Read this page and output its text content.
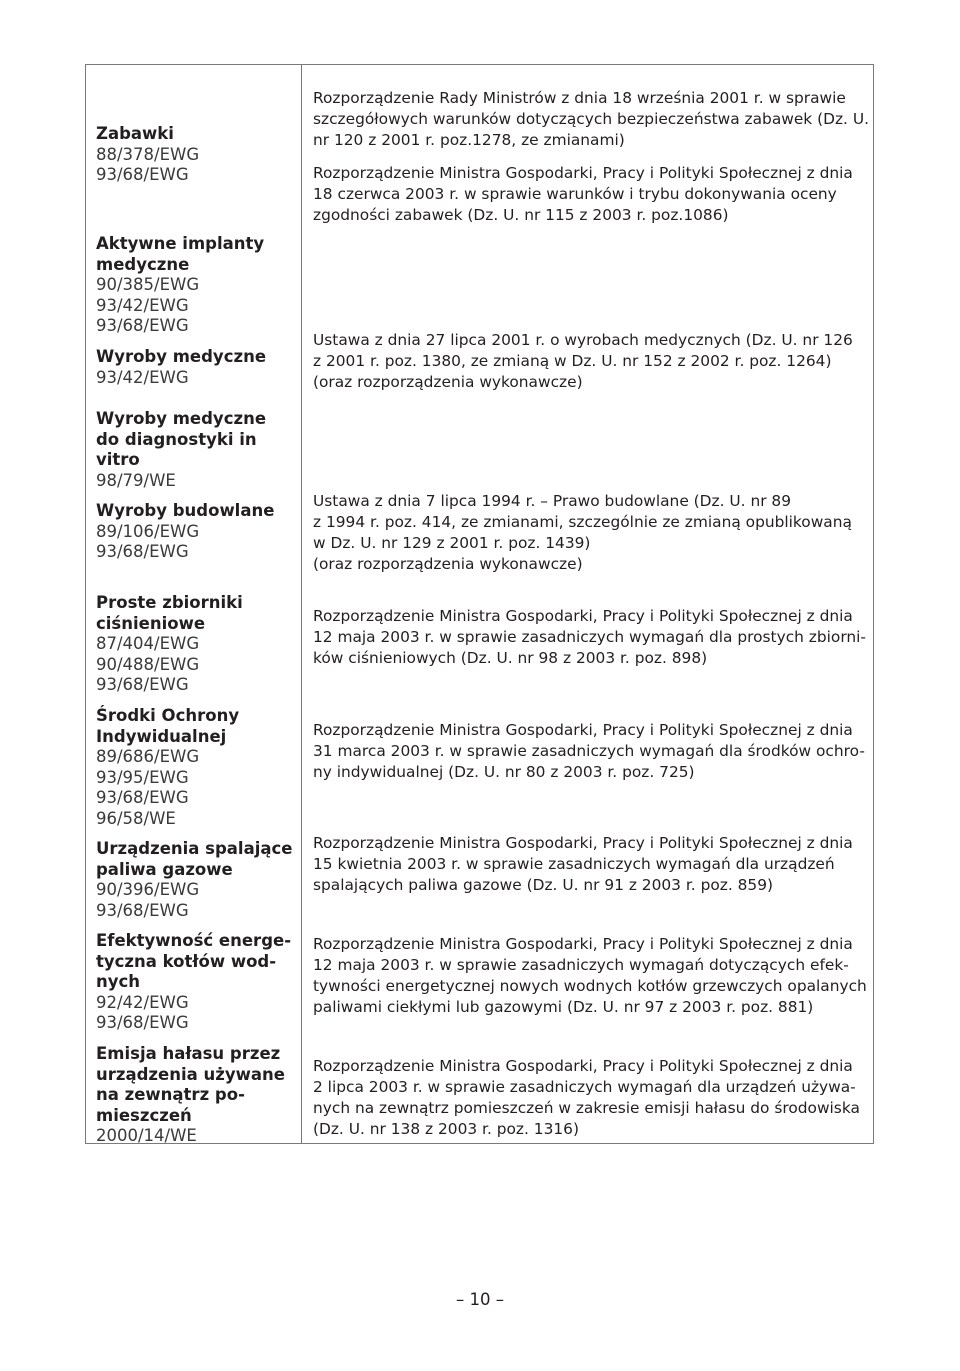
Zabawki
88/378/EWG
93/68/EWG
Aktywne implanty
medyczne
90/385/EWG
93/42/EWG
93/68/EWG
Wyroby medyczne
93/42/EWG
Wyroby medyczne
do diagnostyki in
vitro
98/79/WE
Wyroby budowlane
89/106/EWG
93/68/EWG
Proste zbiorniki
ciśnieniowe
87/404/EWG
90/488/EWG
93/68/EWG
Środki Ochrony
Indywidualnej
89/686/EWG
93/95/EWG
93/68/EWG
96/58/WE
Urządzenia spalające
paliwa gazowe
90/396/EWG
93/68/EWG
Efektywność energe-
tyczna kotłów wod-
nych
92/42/EWG
93/68/EWG
Emisja hałasu przez
urządzenia używane
na zewnątrz po-
mieszczeń
2000/14/WE
Rozporządzenie Rady Ministrów z dnia 18 września 2001 r. w sprawie
szczegółowych warunków dotyczących bezpieczeństwa zabawek (Dz. U.
nr 120 z 2001 r. poz.1278, ze zmianami)
Rozporządzenie Ministra Gospodarki, Pracy i Polityki Społecznej z dnia
18 czerwca 2003 r. w sprawie warunków i trybu dokonywania oceny
zgodności zabawek (Dz. U. nr 115 z 2003 r. poz.1086)
Ustawa z dnia 27 lipca 2001 r. o wyrobach medycznych (Dz. U. nr 126
z 2001 r. poz. 1380, ze zmianą w Dz. U. nr 152 z 2002 r. poz. 1264)
(oraz rozporządzenia wykonawcze)
Ustawa z dnia 7 lipca 1994 r. – Prawo budowlane (Dz. U. nr 89
z 1994 r. poz. 414, ze zmianami, szczególnie ze zmianą opublikowaną
w Dz. U. nr 129 z 2001 r. poz. 1439)
(oraz rozporządzenia wykonawcze)
Rozporządzenie Ministra Gospodarki, Pracy i Polityki Społecznej z dnia
12 maja 2003 r. w sprawie zasadniczych wymagań dla prostych zbiorni-
ków ciśnieniowych (Dz. U. nr 98 z 2003 r. poz. 898)
Rozporządzenie Ministra Gospodarki, Pracy i Polityki Społecznej z dnia
31 marca 2003 r. w sprawie zasadniczych wymagań dla środków ochro-
ny indywidualnej (Dz. U. nr 80 z 2003 r. poz. 725)
Rozporządzenie Ministra Gospodarki, Pracy i Polityki Społecznej z dnia
15 kwietnia 2003 r. w sprawie zasadniczych wymagań dla urządzeń
spalających paliwa gazowe (Dz. U. nr 91 z 2003 r. poz. 859)
Rozporządzenie Ministra Gospodarki, Pracy i Polityki Społecznej z dnia
12 maja 2003 r. w sprawie zasadniczych wymagań dotyczących efek-
tywności energetycznej nowych wodnych kotłów grzewczych opalanych
paliwami ciekłymi lub gazowymi (Dz. U. nr 97 z 2003 r. poz. 881)
Rozporządzenie Ministra Gospodarki, Pracy i Polityki Społecznej z dnia
2 lipca 2003 r. w sprawie zasadniczych wymagań dla urządzeń używa-
nych na zewnątrz pomieszczeń w zakresie emisji hałasu do środowiska
(Dz. U. nr 138 z 2003 r. poz. 1316)
– 10 –
